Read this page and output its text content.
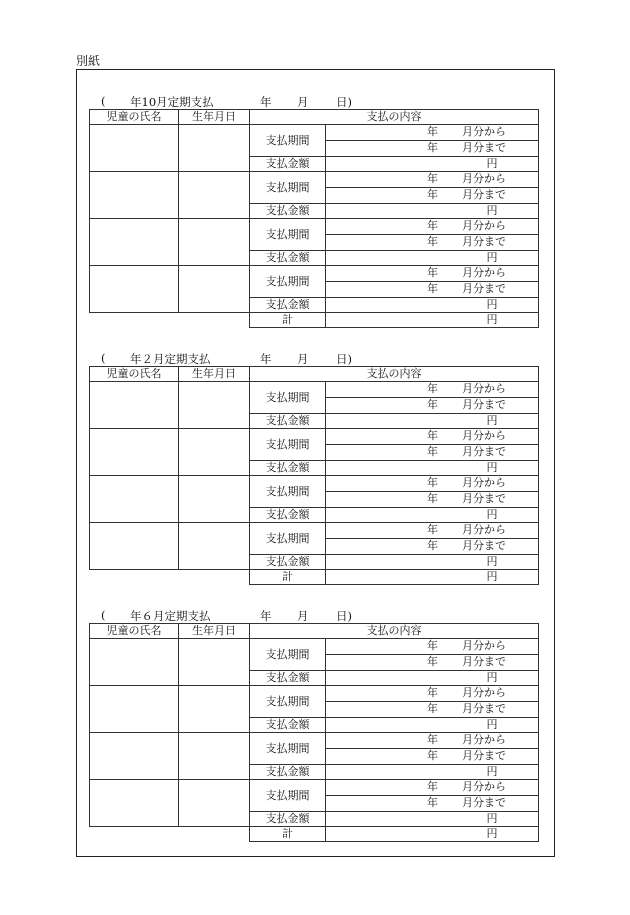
別紙
( 年10月定期支払	年 月 日)
児童の氏名	生年月日	支払の内容	
		支払期間	年 月分から

			年 月分まで

		支払金額	円
		支払期間	年 月分から

			年 月分まで

		支払金額	円
		支払期間	年 月分から

			年 月分まで

		支払金額	円
		支払期間	年 月分から

			年 月分まで

		支払金額	円
		計	円
( 年２月定期支払	年 月 日)
児童の氏名	生年月日	支払の内容	
		支払期間	年 月分から

			年 月分まで

		支払金額	円
		支払期間	年 月分から

			年 月分まで

		支払金額	円
		支払期間	年 月分から

			年 月分まで

		支払金額	円
		支払期間	年 月分から

			年 月分まで

		支払金額	円
		計	円
( 年６月定期支払	年 月 日)
児童の氏名	生年月日	支払の内容	
		支払期間	年 月分から

			年 月分まで

		支払金額	円
		支払期間	年 月分から

			年 月分まで

		支払金額	円
		支払期間	年 月分から

			年 月分まで

		支払金額	円
		支払期間	年 月分から

			年 月分まで

		支払金額	円
		計	円
